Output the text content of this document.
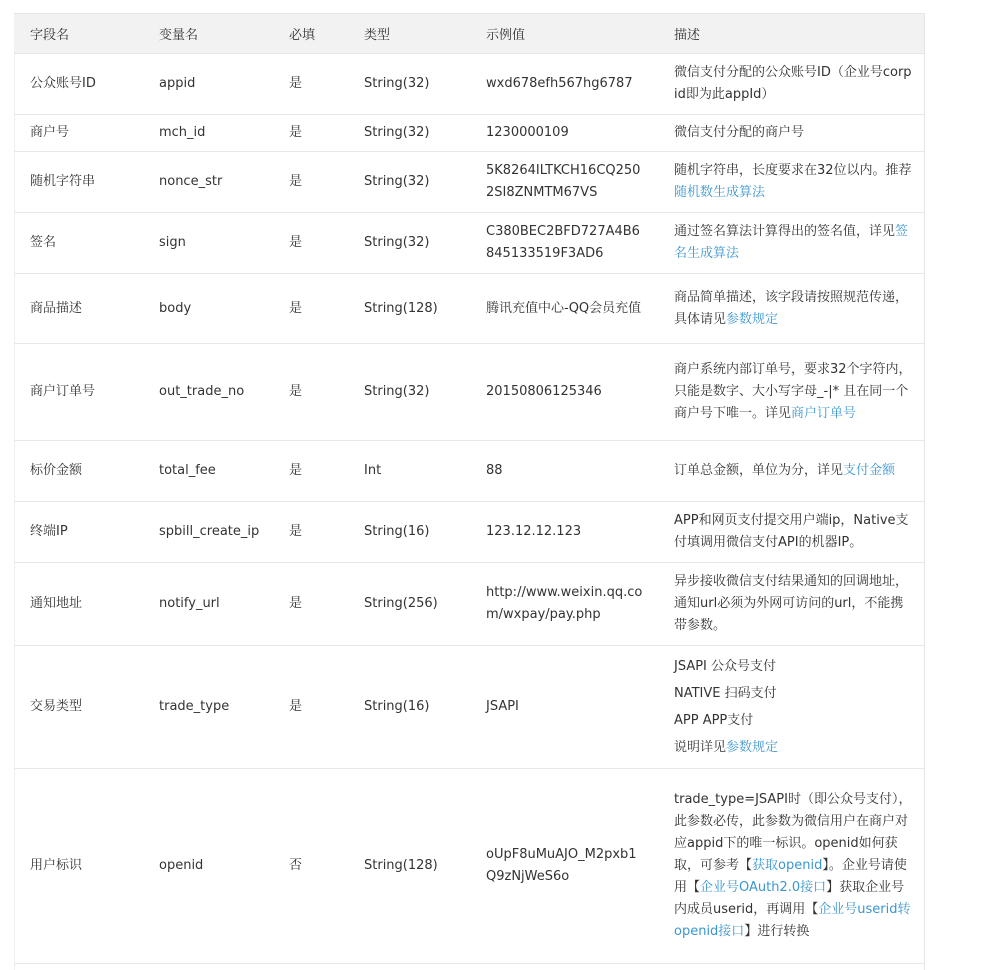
字段名	变量名	必填	类型	示例值	描述
公众账号ID	appid	是	String(32)	wxd678efh567hg6787	微信支付分配的公众账号ID（企业号corpid即为此appId）
商户号	mch_id	是	String(32)	1230000109	微信支付分配的商户号
随机字符串	nonce_str	是	String(32)	5K8264ILTKCH16CQ2502SI8ZNMTM67VS	随机字符串，长度要求在32位以内。推荐随机数生成算法
签名	sign	是	String(32)	C380BEC2BFD727A4B6845133519F3AD6	通过签名算法计算得出的签名值，详见签名生成算法
商品描述	body	是	String(128)	腾讯充值中心-QQ会员充值	商品简单描述，该字段请按照规范传递，具体请见参数规定
商户订单号	out_trade_no	是	String(32)	20150806125346	商户系统内部订单号，要求32个字符内，只能是数字、大小写字母_-|* 且在同一个商户号下唯一。详见商户订单号
标价金额	total_fee	是	Int	88	订单总金额，单位为分，详见支付金额
终端IP	spbill_create_ip	是	String(16)	123.12.12.123	APP和网页支付提交用户端ip，Native支付填调用微信支付API的机器IP。
通知地址	notify_url	是	String(256)	http://www.weixin.qq.com/wxpay/pay.php	异步接收微信支付结果通知的回调地址，通知url必须为外网可访问的url，不能携带参数。
交易类型	trade_type	是	String(16)	JSAPI	JSAPI 公众号支付
NATIVE 扫码支付
APP APP支付
说明详见参数规定

用户标识	openid	否	String(128)	oUpF8uMuAJO_M2pxb1Q9zNjWeS6o	trade_type=JSAPI时（即公众号支付），此参数必传，此参数为微信用户在商户对应appid下的唯一标识。openid如何获取，可参考【获取openid】。企业号请使用【企业号OAuth2.0接口】获取企业号内成员userid，再调用【企业号userid转openid接口】进行转换
